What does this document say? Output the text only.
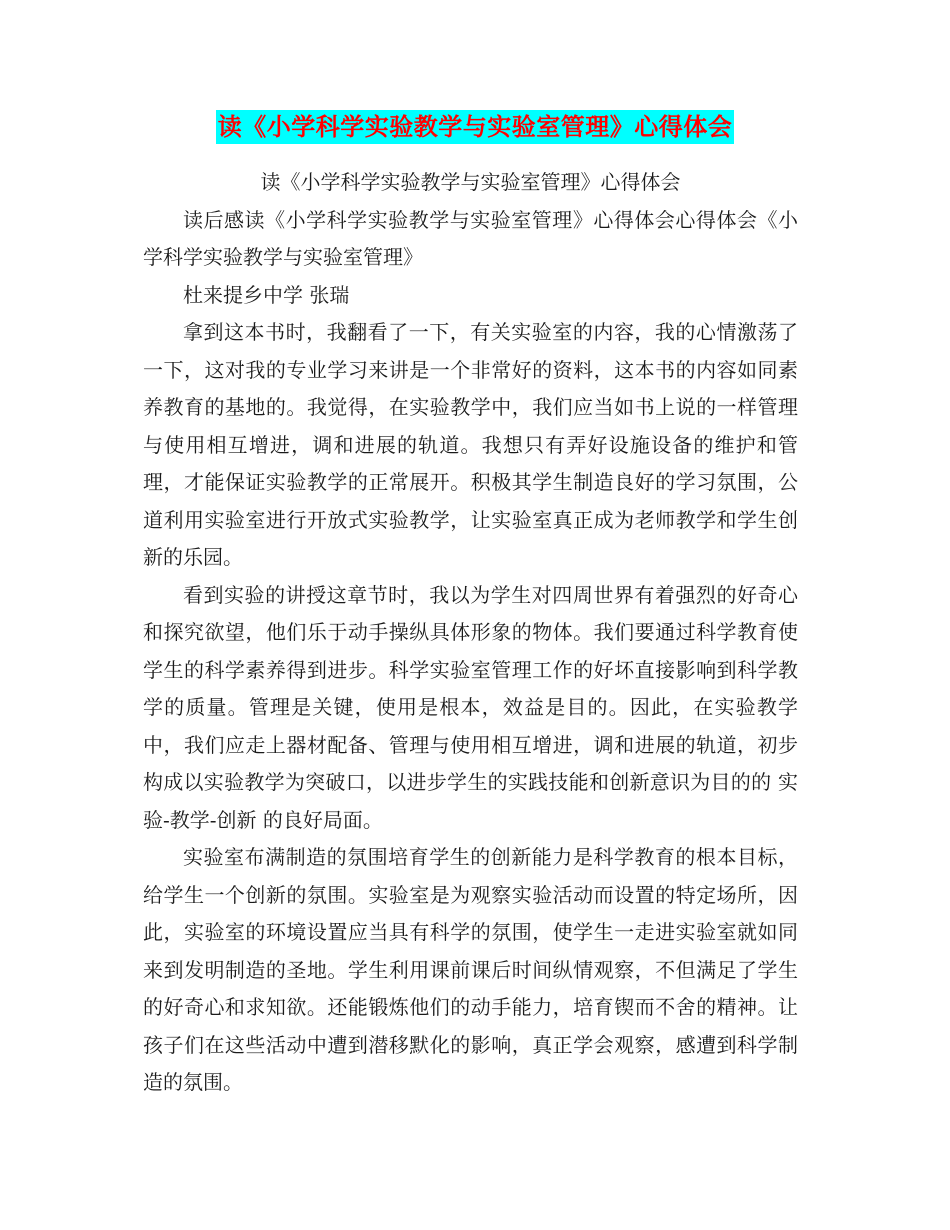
读《小学科学实验教学与实验室管理》心得体会

读《小学科学实验教学与实验室管理》心得体会

读后感读《小学科学实验教学与实验室管理》心得体会心得体会《小学科学实验教学与实验室管理》

杜来提乡中学 张瑞

拿到这本书时，我翻看了一下，有关实验室的内容，我的心情激荡了一下，这对我的专业学习来讲是一个非常好的资料，这本书的内容如同素养教育的基地的。我觉得，在实验教学中，我们应当如书上说的一样管理与使用相互增进，调和进展的轨道。我想只有弄好设施设备的维护和管理，才能保证实验教学的正常展开。积极其学生制造良好的学习氛围，公道利用实验室进行开放式实验教学，让实验室真正成为老师教学和学生创新的乐园。

看到实验的讲授这章节时，我以为学生对四周世界有着强烈的好奇心和探究欲望，他们乐于动手操纵具体形象的物体。我们要通过科学教育使学生的科学素养得到进步。科学实验室管理工作的好坏直接影响到科学教学的质量。管理是关键，使用是根本，效益是目的。因此，在实验教学中，我们应走上器材配备、管理与使用相互增进，调和进展的轨道，初步构成以实验教学为突破口，以进步学生的实践技能和创新意识为目的的 实验-教学-创新 的良好局面。

实验室布满制造的氛围培育学生的创新能力是科学教育的根本目标，给学生一个创新的氛围。实验室是为观察实验活动而设置的特定场所，因此，实验室的环境设置应当具有科学的氛围，使学生一走进实验室就如同来到发明制造的圣地。学生利用课前课后时间纵情观察，不但满足了学生的好奇心和求知欲。还能锻炼他们的动手能力，培育锲而不舍的精神。让孩子们在这些活动中遭到潜移默化的影响，真正学会观察，感遭到科学制造的氛围。
